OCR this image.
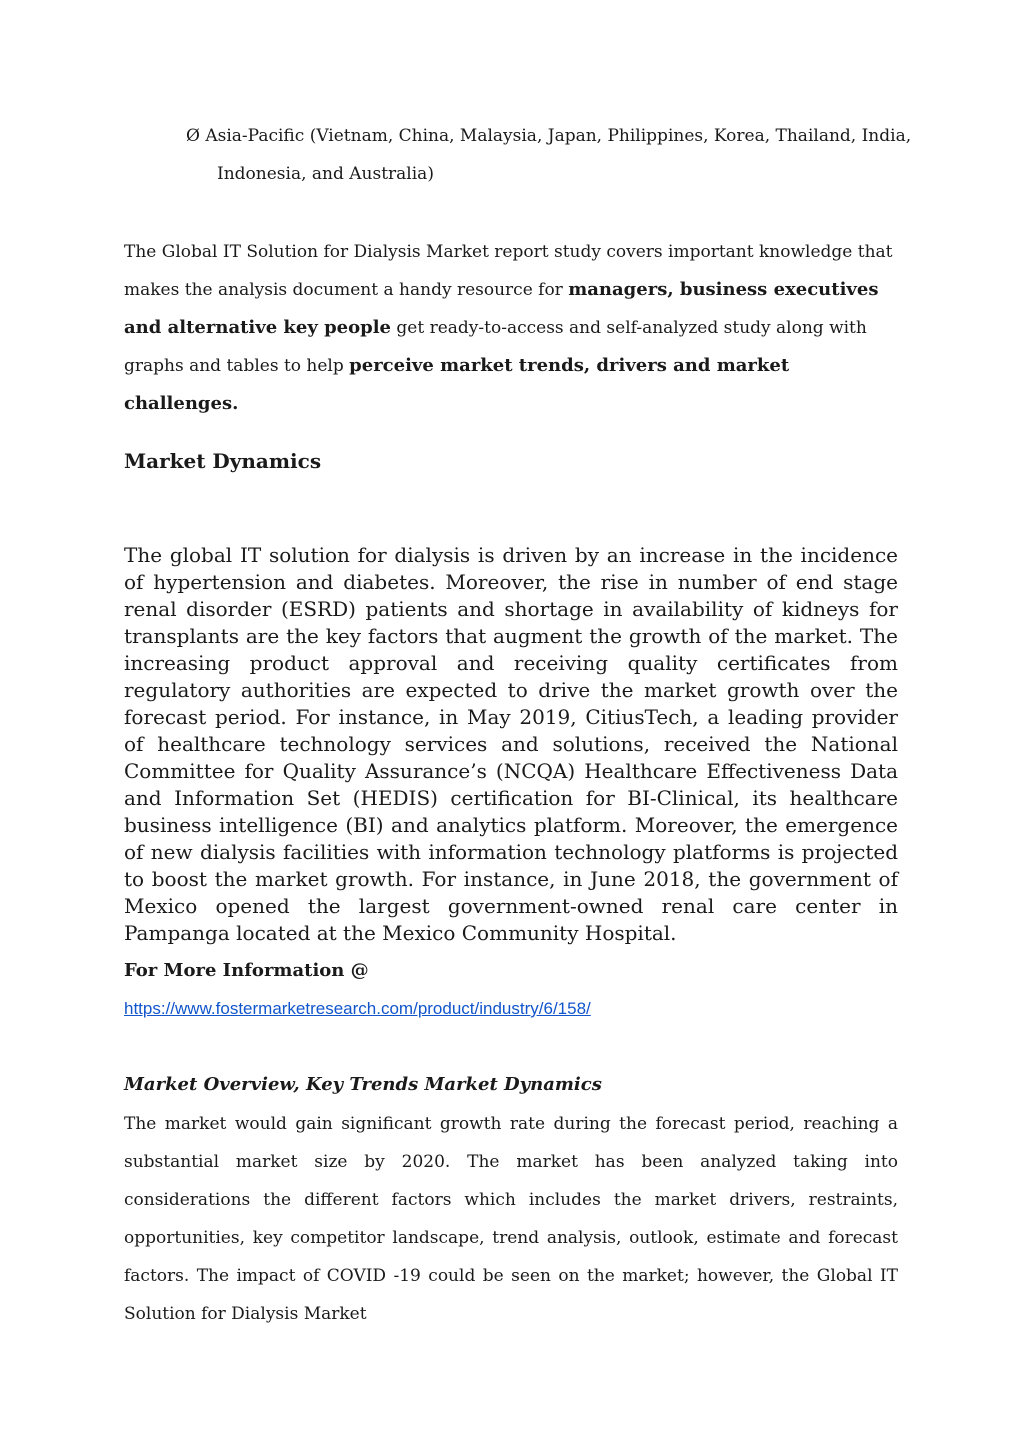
Ø Asia-Pacific (Vietnam, China, Malaysia, Japan, Philippines, Korea, Thailand, India,
Indonesia, and Australia)

The Global IT Solution for Dialysis Market report study covers important knowledge that makes the analysis document a handy resource for managers, business executives and alternative key people get ready-to-access and self-analyzed study along with graphs and tables to help perceive market trends, drivers and market challenges.

Market Dynamics

The global IT solution for dialysis is driven by an increase in the incidence of hypertension and diabetes. Moreover, the rise in number of end stage renal disorder (ESRD) patients and shortage in availability of kidneys for transplants are the key factors that augment the growth of the market. The increasing product approval and receiving quality certificates from regulatory authorities are expected to drive the market growth over the forecast period. For instance, in May 2019, CitiusTech, a leading provider of healthcare technology services and solutions, received the National Committee for Quality Assurance’s (NCQA) Healthcare Effectiveness Data and Information Set (HEDIS) certification for BI-Clinical, its healthcare business intelligence (BI) and analytics platform. Moreover, the emergence of new dialysis facilities with information technology platforms is projected to boost the market growth. For instance, in June 2018, the government of Mexico opened the largest government-owned renal care center in Pampanga located at the Mexico Community Hospital.

For More Information @
https://www.fostermarketresearch.com/product/industry/6/158/
Market Overview, Key Trends Market Dynamics

The market would gain significant growth rate during the forecast period, reaching a substantial market size by 2020. The market has been analyzed taking into considerations the different factors which includes the market drivers, restraints, opportunities, key competitor landscape, trend analysis, outlook, estimate and forecast factors. The impact of COVID -19 could be seen on the market; however, the Global IT Solution for Dialysis Market
